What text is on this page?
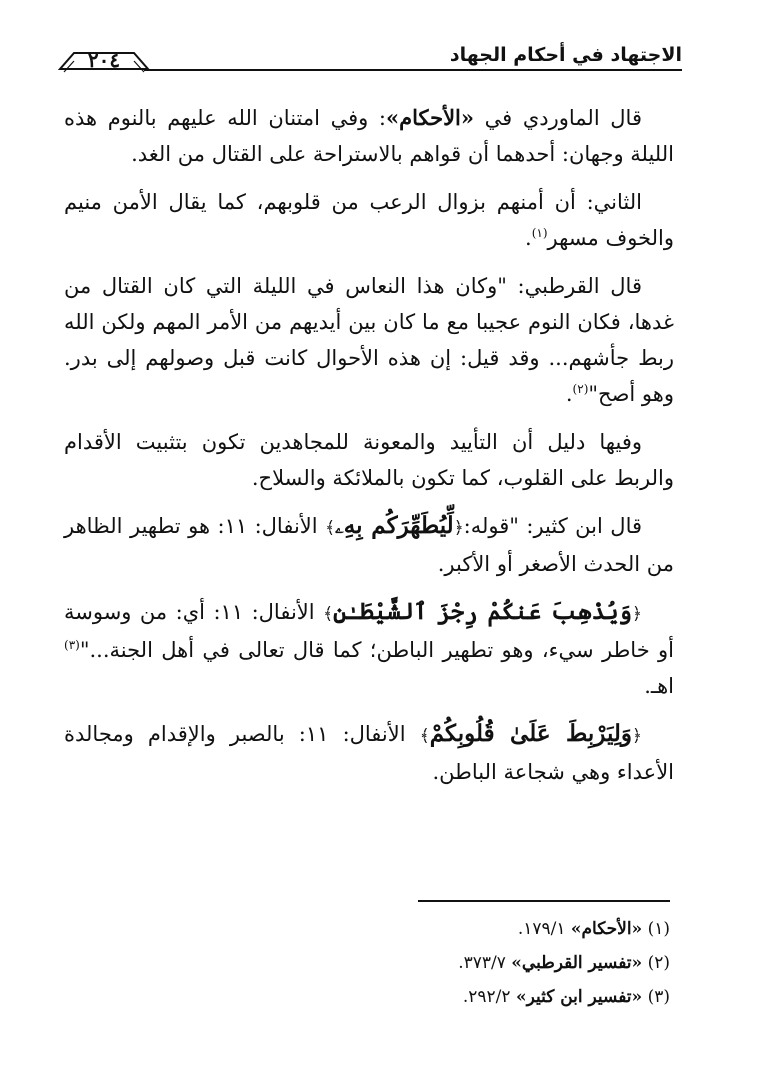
الاجتهاد في أحكام الجهاد
٢٠٤

قال الماوردي في «الأحكام»: وفي امتنان الله عليهم بالنوم هذه الليلة وجهان: أحدهما أن قواهم بالاستراحة على القتال من الغد.

الثاني: أن أمنهم بزوال الرعب من قلوبهم، كما يقال الأمن منيم والخوف مسهر$^{(١)}$.

قال القرطبي: "وكان هذا النعاس في الليلة التي كان القتال من غدها، فكان النوم عجيبا مع ما كان بين أيديهم من الأمر المهم ولكن الله ربط جأشهم... وقد قيل: إن هذه الأحوال كانت قبل وصولهم إلى بدر. وهو أصح"$^{(٢)}$.

وفيها دليل أن التأييد والمعونة للمجاهدين تكون بتثبيت الأقدام والربط على القلوب، كما تكون بالملائكة والسلاح.

قال ابن كثير: "قوله:﴿لِّيُطَهِّرَكُم بِهِۦ﴾ الأنفال: ١١: هو تطهير الظاهر من الحدث الأصغر أو الأكبر.

﴿وَيُذْهِبَ عَنكُمْ رِجْزَ ٱلشَّيْطَـٰنِ﴾ الأنفال: ١١: أي: من وسوسة أو خاطر سيء، وهو تطهير الباطن؛ كما قال تعالى في أهل الجنة..."$^{(٣)}$ اهـ.

﴿وَلِيَرْبِطَ عَلَىٰ قُلُوبِكُمْ﴾ الأنفال: ١١: بالصبر والإقدام ومجالدة الأعداء وهي شجاعة الباطن.

(١) «الأحكام» ١٧٩/١.

(٢) «تفسير القرطبي» ٣٧٣/٧.

(٣) «تفسير ابن كثير» ٢٩٢/٢.
